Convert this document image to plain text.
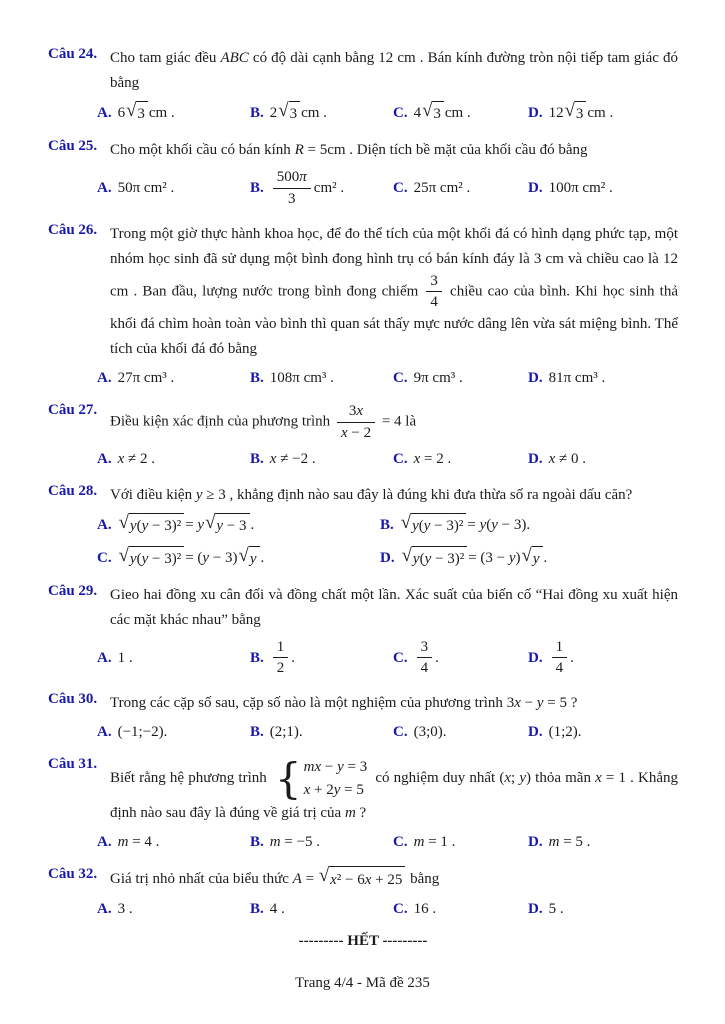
Câu 24. Cho tam giác đều ABC có độ dài cạnh bằng 12 cm . Bán kính đường tròn nội tiếp tam giác đó bằng
A. 6 √ 3 cm .	B. 2 √ 3 cm .	C. 4 √ 3 cm .	D. 12 √ 3 cm .
Câu 25. Cho một khối cầu có bán kính R = 5cm . Diện tích bề mặt của khối cầu đó bằng
A. 50π cm² .	B. $\frac{500\pi}{3} cm^2$ .	C. 25π cm² .	D. 100π cm² .
Câu 26. Trong một giờ thực hành khoa học, để đo thể tích của một khối đá có hình dạng phức tạp, một nhóm học sinh đã sử dụng một bình đong hình trụ có bán kính đáy là 3 cm và chiều cao là 12 cm . Ban đầu, lượng nước trong bình đong chiếm $\frac{3}{4}$ chiều cao của bình. Khi học sinh thả khối đá chìm hoàn toàn vào bình thì quan sát thấy mực nước dâng lên vừa sát miệng bình. Thể tích của khối đá đó bằng
A. 27π cm³ .	B. 108π cm³ .	C. 9π cm³ .	D. 81π cm³ .
Câu 27.
Điều kiện xác định của phương trình $\frac{3x}{x - 2} = 4$ là
A. x ≠ 2 .	B. x ≠ −2 .	C. x = 2 .	D. x ≠ 0 .
Câu 28. Với điều kiện y ≥ 3 , khẳng định nào sau đây là đúng khi đưa thừa số ra ngoài dấu căn?
A. √ y(y − 3)² = y √ y − 3 .	B. √ y(y − 3)² = y(y − 3).
C. √ y(y − 3)² = (y − 3) √ y .	D. √ y(y − 3)² = (3 − y) √ y .
Câu 29. Gieo hai đồng xu cân đối và đồng chất một lần. Xác suất của biến cố “Hai đồng xu xuất hiện các mặt khác nhau” bằng
A. 1 .	B. $\frac{1}{2}$ .	C. $\frac{3}{4}$ .	D. $\frac{1}{4}$ .
Câu 30. Trong các cặp số sau, cặp số nào là một nghiệm của phương trình 3x − y = 5 ?
A. (−1;−2).	B. (2;1).	C. (3;0).	D. (1;2).
Câu 31.
Biết rằng hệ phương trình { mx − y = 3
x + 2y = 5
có nghiệm duy nhất (x; y) thỏa mãn x = 1 . Khẳng định nào sau đây là đúng về giá trị của m ?
A. m = 4 .	B. m = −5 .	C. m = 1 .	D. m = 5 .
Câu 32. Giá trị nhỏ nhất của biểu thức A = √ x² − 6x + 25 bằng
A. 3 .	B. 4 .	C. 16 .	D. 5 .
--------- HẾT ---------
Trang 4/4 - Mã đề 235
